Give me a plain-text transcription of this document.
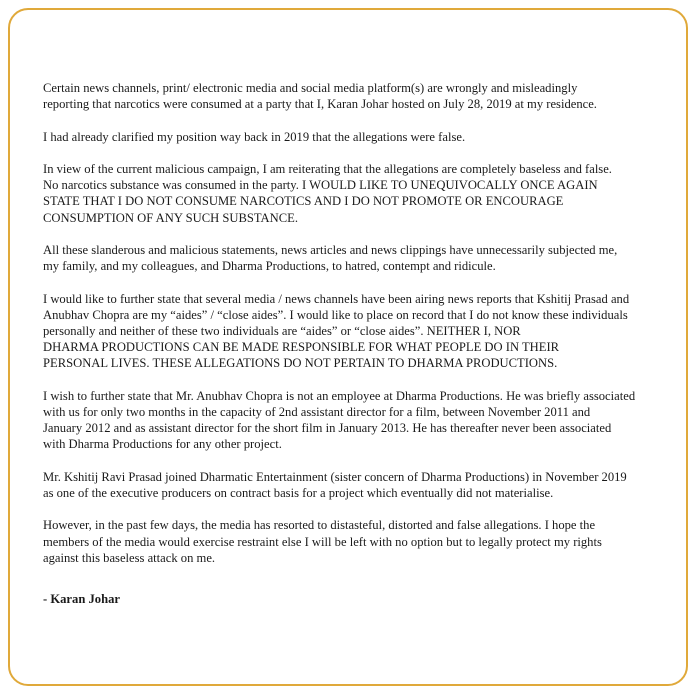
Certain news channels, print/ electronic media and social media platform(s) are wrongly and misleadingly
reporting that narcotics were consumed at a party that I, Karan Johar hosted on July 28, 2019 at my residence.

I had already clarified my position way back in 2019 that the allegations were false.

In view of the current malicious campaign, I am reiterating that the allegations are completely baseless and false.
No narcotics substance was consumed in the party. I WOULD LIKE TO UNEQUIVOCALLY ONCE AGAIN
STATE THAT I DO NOT CONSUME NARCOTICS AND I DO NOT PROMOTE OR ENCOURAGE
CONSUMPTION OF ANY SUCH SUBSTANCE.

All these slanderous and malicious statements, news articles and news clippings have unnecessarily subjected me,
my family, and my colleagues, and Dharma Productions, to hatred, contempt and ridicule.

I would like to further state that several media / news channels have been airing news reports that Kshitij Prasad and
Anubhav Chopra are my “aides” / “close aides”. I would like to place on record that I do not know these individuals
personally and neither of these two individuals are “aides” or “close aides”. NEITHER I, NOR
DHARMA PRODUCTIONS CAN BE MADE RESPONSIBLE FOR WHAT PEOPLE DO IN THEIR
PERSONAL LIVES. THESE ALLEGATIONS DO NOT PERTAIN TO DHARMA PRODUCTIONS.

I wish to further state that Mr. Anubhav Chopra is not an employee at Dharma Productions. He was briefly associated
with us for only two months in the capacity of 2nd assistant director for a film, between November 2011 and
January 2012 and as assistant director for the short film in January 2013. He has thereafter never been associated
with Dharma Productions for any other project.

Mr. Kshitij Ravi Prasad joined Dharmatic Entertainment (sister concern of Dharma Productions) in November 2019
as one of the executive producers on contract basis for a project which eventually did not materialise.

However, in the past few days, the media has resorted to distasteful, distorted and false allegations. I hope the
members of the media would exercise restraint else I will be left with no option but to legally protect my rights
against this baseless attack on me.

- Karan Johar
